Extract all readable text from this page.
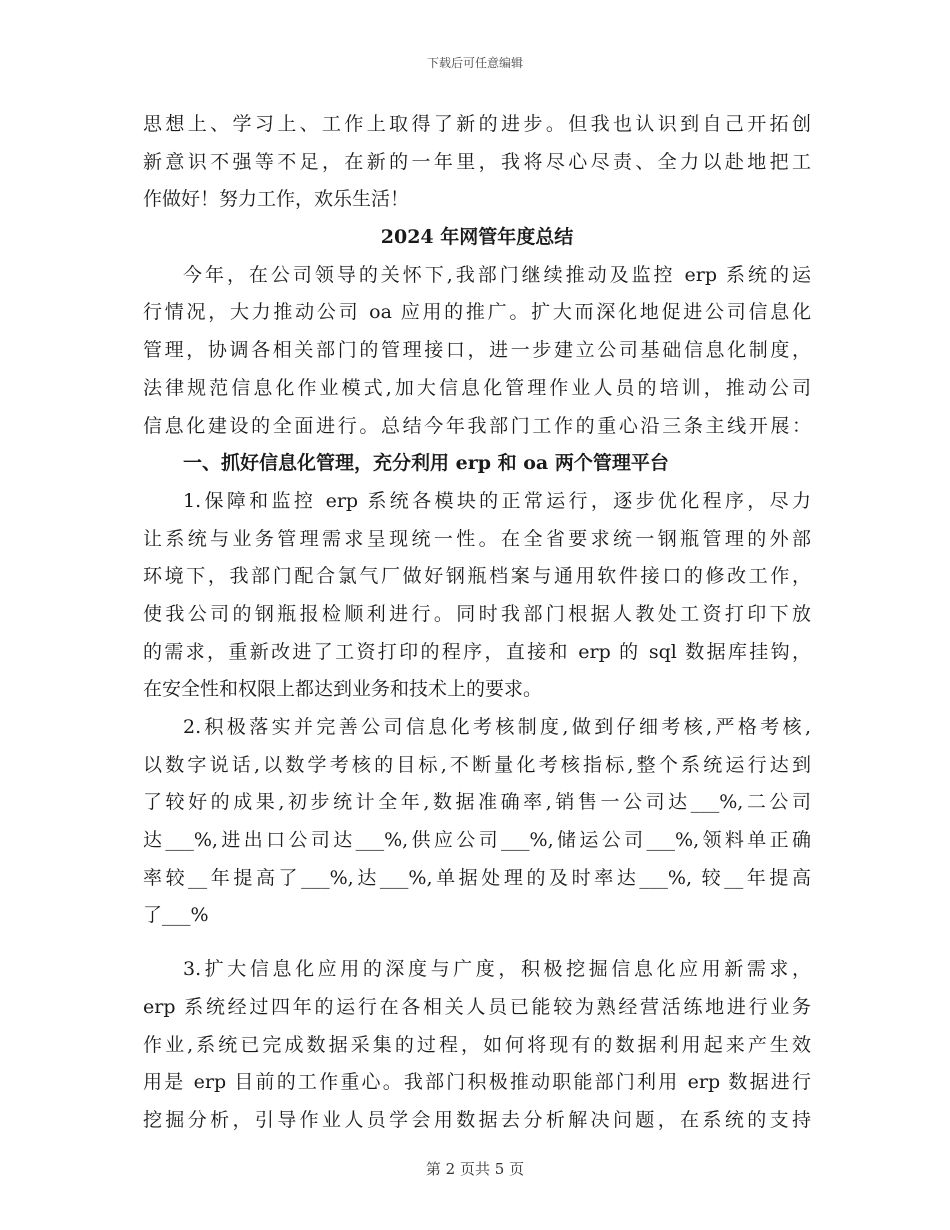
下载后可任意编辑
思想上、学习上、工作上取得了新的进步。但我也认识到自己开拓创
新意识不强等不足，在新的一年里，我将尽心尽责、全力以赴地把工
作做好！努力工作，欢乐生活！
2024 年网管年度总结
今年，在公司领导的关怀下,我部门继续推动及监控 erp 系统的运
行情况，大力推动公司 oa 应用的推广。扩大而深化地促进公司信息化
管理，协调各相关部门的管理接口，进一步建立公司基础信息化制度，
法律规范信息化作业模式,加大信息化管理作业人员的培训，推动公司
信息化建设的全面进行。总结今年我部门工作的重心沿三条主线开展：
一、抓好信息化管理，充分利用 erp 和 oa 两个管理平台
1.保障和监控 erp 系统各模块的正常运行，逐步优化程序，尽力
让系统与业务管理需求呈现统一性。在全省要求统一钢瓶管理的外部
环境下，我部门配合氯气厂做好钢瓶档案与通用软件接口的修改工作，
使我公司的钢瓶报检顺利进行。同时我部门根据人教处工资打印下放
的需求，重新改进了工资打印的程序，直接和 erp 的 sql 数据库挂钩，
在安全性和权限上都达到业务和技术上的要求。
2.积极落实并完善公司信息化考核制度,做到仔细考核,严格考核,
以数字说话,以数学考核的目标,不断量化考核指标,整个系统运行达到
了较好的成果,初步统计全年,数据准确率,销售一公司达___%,二公司
达___%,进出口公司达___%,供应公司___%,储运公司___%,领料单正确
率较__年提高了___%,达___%,单据处理的及时率达___%, 较__年提高
了___%
3.扩大信息化应用的深度与广度，积极挖掘信息化应用新需求，
erp 系统经过四年的运行在各相关人员已能较为熟经营活练地进行业务
作业,系统已完成数据采集的过程，如何将现有的数据利用起来产生效
用是 erp 目前的工作重心。我部门积极推动职能部门利用 erp 数据进行
挖掘分析，引导作业人员学会用数据去分析解决问题，在系统的支持
第 2 页共 5 页
